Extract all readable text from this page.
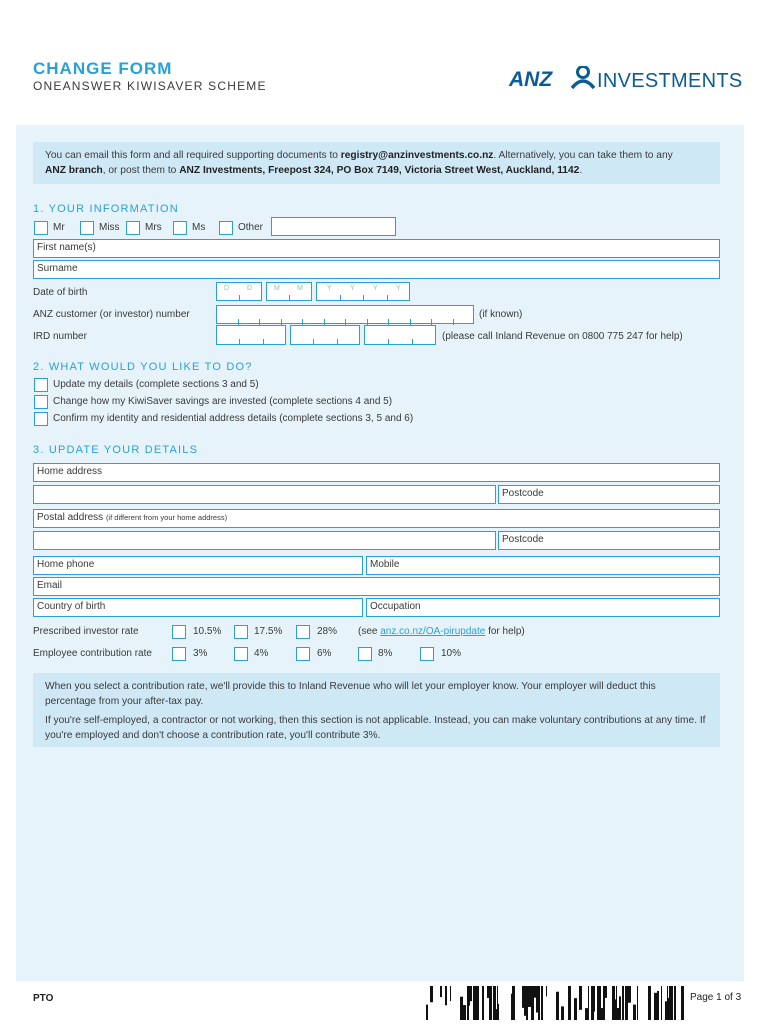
CHANGE FORM
ONEANSWER KIWISAVER SCHEME	ANZ INVESTMENTS
You can email this form and all required supporting documents to registry@anzinvestments.co.nz. Alternatively, you can take them to any
ANZ branch, or post them to ANZ Investments, Freepost 324, PO Box 7149, Victoria Street West, Auckland, 1142.
1. YOUR INFORMATION
Mr	Miss	Mrs	Ms	Other
First name(s)
Surname
Date of birth	D	D	M M	Y	Y	Y	Y
ANZ customer (or investor) number	(if known)
IRD number	(please call Inland Revenue on 0800 775 247 for help)
2. WHAT WOULD YOU LIKE TO DO?
Update my details (complete sections 3 and 5)
Change how my KiwiSaver savings are invested (complete sections 4 and 5)
Confirm my identity and residential address details (complete sections 3, 5 and 6)
3. UPDATE YOUR DETAILS
Home address
Postcode
Postal address (if different from your home address)
Postcode
Home phone	Mobile
Email
Country of birth	Occupation
Prescribed investor rate	10.5%	17.5%	28% (see anz.co.nz/OA-pirupdate for help)
Employee contribution rate	3%	4%	6%	8%	10%

When you select a contribution rate, we'll provide this to Inland Revenue who will let your employer know. Your employer will deduct this percentage from your after-tax pay.

If you're self-employed, a contractor or not working, then this section is not applicable. Instead, you can make voluntary contributions at any time. If you're employed and don't choose a contribution rate, you'll contribute 3%.

PTO	Page 1 of 3
